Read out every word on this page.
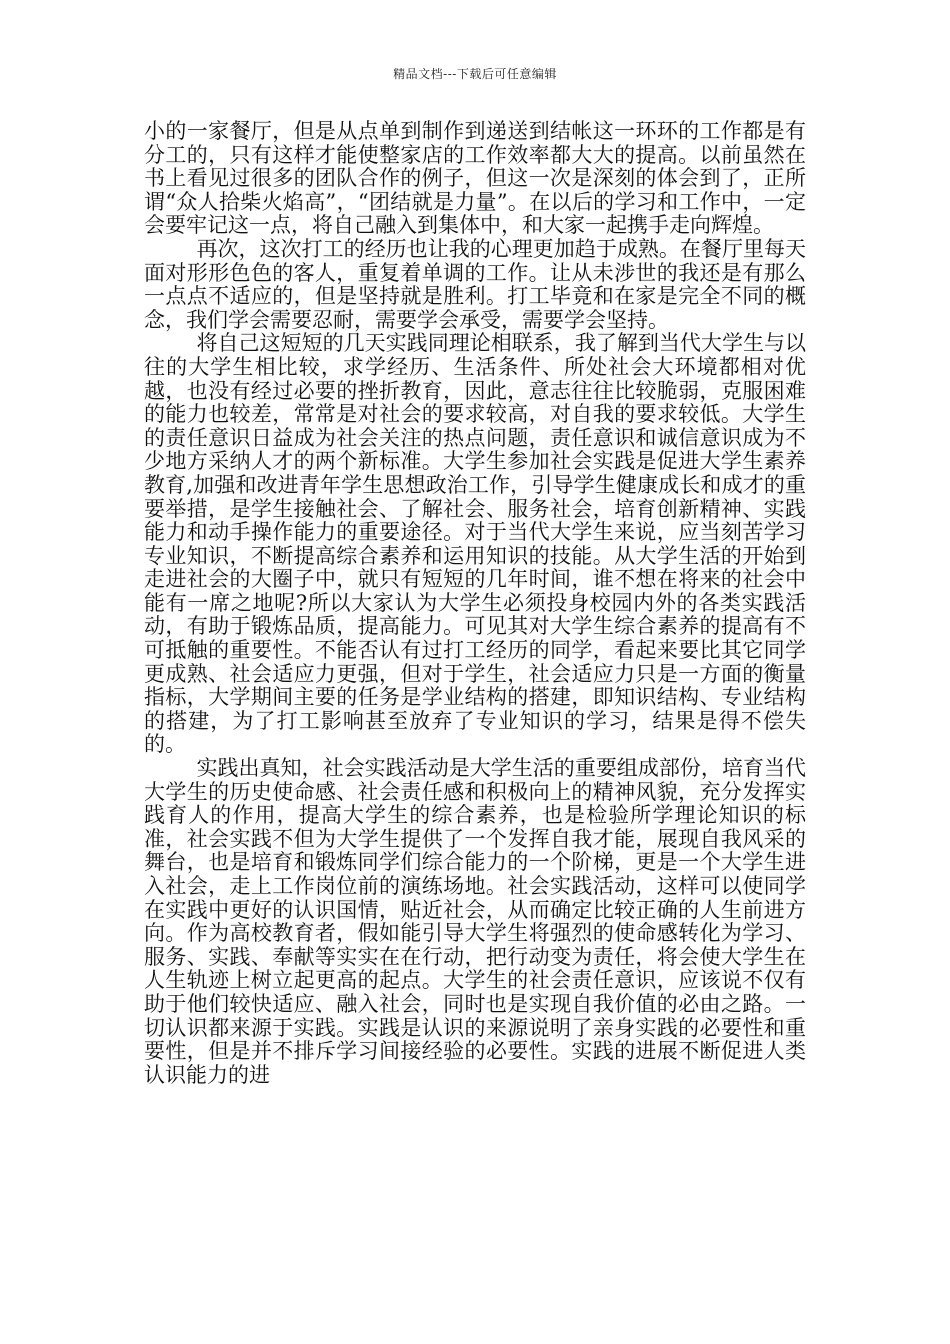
精品文档---下载后可任意编辑

小的一家餐厅，但是从点单到制作到递送到结帐这一环环的工作都是有分工的，只有这样才能使整家店的工作效率都大大的提高。以前虽然在书上看见过很多的团队合作的例子，但这一次是深刻的体会到了，正所谓“众人拾柴火焰高”，“团结就是力量”。在以后的学习和工作中，一定会要牢记这一点，将自己融入到集体中，和大家一起携手走向辉煌。

再次，这次打工的经历也让我的心理更加趋于成熟。在餐厅里每天面对形形色色的客人，重复着单调的工作。让从未涉世的我还是有那么一点点不适应的，但是坚持就是胜利。打工毕竟和在家是完全不同的概念，我们学会需要忍耐，需要学会承受，需要学会坚持。

将自己这短短的几天实践同理论相联系，我了解到当代大学生与以往的大学生相比较，求学经历、生活条件、所处社会大环境都相对优越，也没有经过必要的挫折教育，因此，意志往往比较脆弱，克服困难的能力也较差，常常是对社会的要求较高，对自我的要求较低。大学生的责任意识日益成为社会关注的热点问题，责任意识和诚信意识成为不少地方采纳人才的两个新标准。大学生参加社会实践是促进大学生素养教育,加强和改进青年学生思想政治工作，引导学生健康成长和成才的重要举措，是学生接触社会、了解社会、服务社会，培育创新精神、实践能力和动手操作能力的重要途径。对于当代大学生来说，应当刻苦学习专业知识，不断提高综合素养和运用知识的技能。从大学生活的开始到走进社会的大圈子中，就只有短短的几年时间，谁不想在将来的社会中能有一席之地呢?所以大家认为大学生必须投身校园内外的各类实践活动，有助于锻炼品质，提高能力。可见其对大学生综合素养的提高有不可抵触的重要性。不能否认有过打工经历的同学，看起来要比其它同学更成熟、社会适应力更强，但对于学生，社会适应力只是一方面的衡量指标，大学期间主要的任务是学业结构的搭建，即知识结构、专业结构的搭建，为了打工影响甚至放弃了专业知识的学习，结果是得不偿失的。

实践出真知，社会实践活动是大学生活的重要组成部份，培育当代大学生的历史使命感、社会责任感和积极向上的精神风貌，充分发挥实践育人的作用，提高大学生的综合素养，也是检验所学理论知识的标准，社会实践不但为大学生提供了一个发挥自我才能，展现自我风采的舞台，也是培育和锻炼同学们综合能力的一个阶梯，更是一个大学生进入社会，走上工作岗位前的演练场地。社会实践活动，这样可以使同学在实践中更好的认识国情，贴近社会，从而确定比较正确的人生前进方向。作为高校教育者，假如能引导大学生将强烈的使命感转化为学习、服务、实践、奉献等实实在在行动，把行动变为责任，将会使大学生在人生轨迹上树立起更高的起点。大学生的社会责任意识，应该说不仅有助于他们较快适应、融入社会，同时也是实现自我价值的必由之路。一切认识都来源于实践。实践是认识的来源说明了亲身实践的必要性和重要性，但是并不排斥学习间接经验的必要性。实践的进展不断促进人类认识能力的进
